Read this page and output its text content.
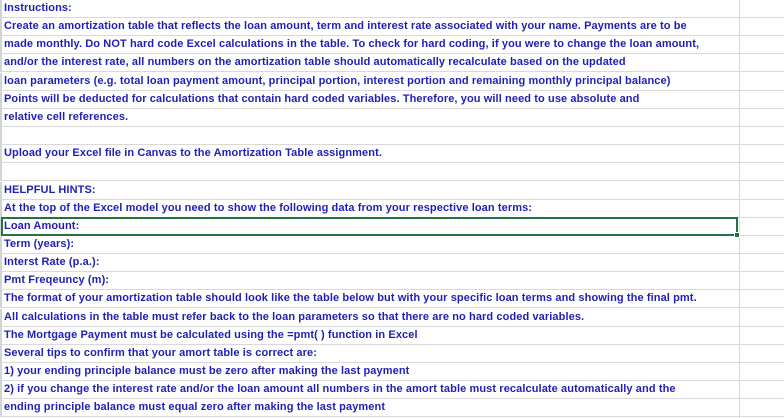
Instructions:
Create an amortization table that reflects the loan amount, term and interest rate associated with your name. Payments are to be
made monthly. Do NOT hard code Excel calculations in the table. To check for hard coding, if you were to change the loan amount,
and/or the interest rate, all numbers on the amortization table should automatically recalculate based on the updated
loan parameters (e.g. total loan payment amount, principal portion, interest portion and remaining monthly principal balance)
Points will be deducted for calculations that contain hard coded variables. Therefore, you will need to use absolute and
relative cell references.
Upload your Excel file in Canvas to the Amortization Table assignment.
HELPFUL HINTS:
At the top of the Excel model you need to show the following data from your respective loan terms:
Loan Amount:
Term (years):
Interst Rate (p.a.):
Pmt Freqeuncy (m):
The format of your amortization table should look like the table below but with your specific loan terms and showing the final pmt.
All calculations in the table must refer back to the loan parameters so that there are no hard coded variables.
The Mortgage Payment must be calculated using the =pmt( ) function in Excel
Several tips to confirm that your amort table is correct are:
1) your ending principle balance must be zero after making the last payment
2) if you change the interest rate and/or the loan amount all numbers in the amort table must recalculate automatically and the
ending principle balance must equal zero after making the last payment
